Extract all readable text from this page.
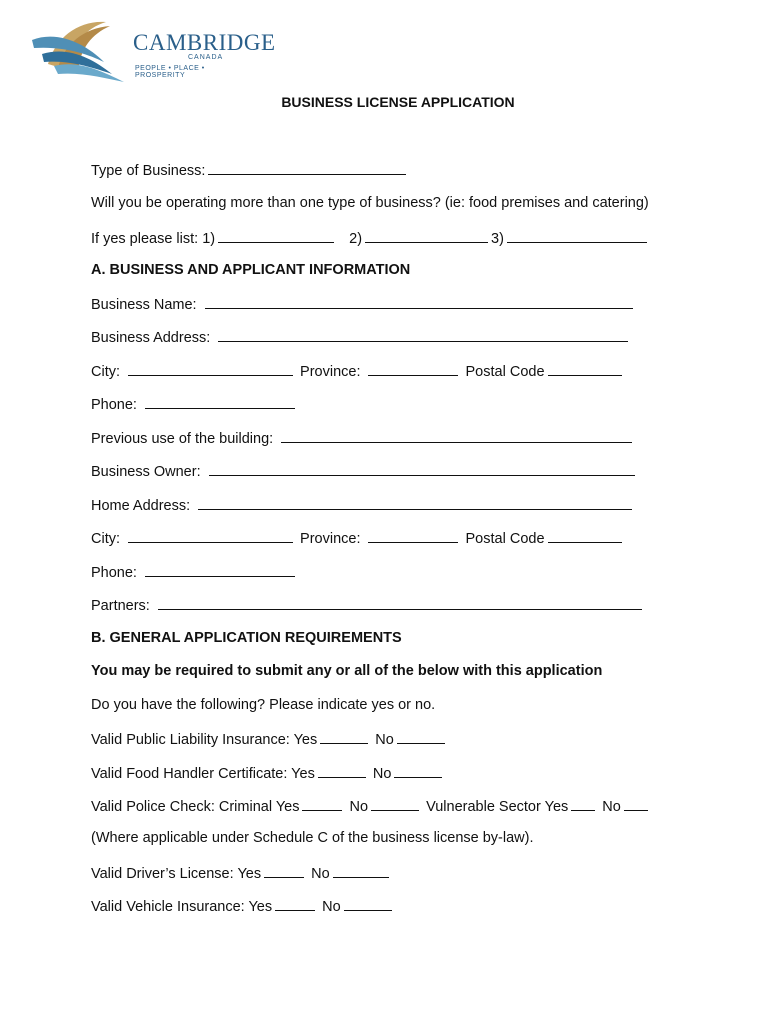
CAMBRIDGE
CANADA
PEOPLE • PLACE • PROSPERITY
BUSINESS LICENSE APPLICATION
Type of Business:
Will you be operating more than one type of business? (ie: food premises and catering)
If yes please list: 1)	2)	3)
A. BUSINESS AND APPLICANT INFORMATION
Business Name:
Business Address:
City:	Province:	Postal Code
Phone:
Previous use of the building:
Business Owner:
Home Address:
City:	Province:	Postal Code
Phone:
Partners:
B. GENERAL APPLICATION REQUIREMENTS
You may be required to submit any or all of the below with this application
Do you have the following? Please indicate yes or no.
Valid Public Liability Insurance: Yes	No
Valid Food Handler Certificate: Yes	No
Valid Police Check: Criminal Yes	No	Vulnerable Sector Yes No
(Where applicable under Schedule C of the business license by-law).
Valid Driver’s License: Yes	No
Valid Vehicle Insurance: Yes	No
